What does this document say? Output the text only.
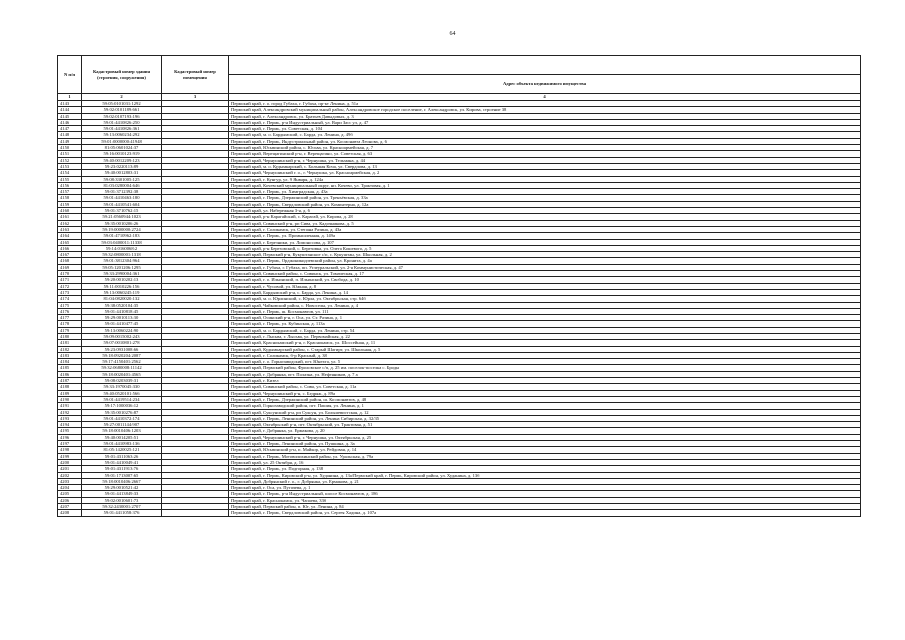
64
N п/п	Кадастровый номер здания (строения, сооружения)	Кадастровый номер помещения	
			Адрес объекта недвижимого имущества
1	2	3	4
4143	59:05:0101031:1292		Пермский край, г. о. город Губаха, г. Губаха, пр-кт Ленина, д. 51а
4144	59:02:0101189:661		Пермский край, Александровский муниципальный район, Александровское городское поселение, г. Александровск, ул. Кирова, строение 38
4145	59:02:0107193:196		Пермский край, г. Александровск, ул. Братьев Давыдовых, д. 3
4146	59:01:4410826:250		Пермский край, г. Пермь, р-н Индустриальный, ул. Вари Засс ул, д. 47
4147	59:01:4410826:361		Пермский край, г. Пермь, ул. Советская, д. 104
4148	59:13:0060234:292		Пермский край, м. о. Бардымский, с. Барда, ул. Ленина, д. 49б
4149	59:01:0000000:41948		Пермский край, г. Пермь, Индустриальный район, ул. Космонавта Леонова, д. 6
4150	81:05:0601024:37		Пермский край, Юсьвинский район, с. Юсьва, ул. Красноармейская, д. 7
4151	59:16:0010123:919		Пермский край, Верещагинский р-н, г. Верещагино, ул. Советская, д. 63
4152	59:40:0012209:123		Пермский край, Чернушинский р-н, г. Чернушка, ул. Тельмана, д. 44
4153	59:23:0220113:89		Пермский край, м. о. Кудымкарский, с. Большая Коча, ул. Свердлова, д. 13
4154	59:40:0012803:31		Пермский край, Чернушинский г. о., г. Чернушка, ул. Красноармейская, д. 2
4155	59:08:3301005:125		Пермский край, г. Кунгур, ул. 9 Января, д. 124а
4156	81:03:0280004:646		Пермский край, Кочевский муниципальный округ, нп. Кочево, ул. Трактовая, д. 1
4157	59:01:3712392:38		Пермский край, г. Пермь, ул. Химградская, д. 43а
4158	59:01:4410463:180		Пермский край, г. Пермь, Дзержинский район, ул. Треньёвская, д. 33а
4159	59:01:4410541:604		Пермский край, г. Пермь, Свердловский район, ул. Коминтерна, д. 12а
4160	59:01:3710762:15		Пермский край, ул. Набережная 3-я, д. 6
4161	59:21:0560944:1023		Пермский край, р-н Карагайский, с. Карагай, ул. Кирова, д. 28
4162	59:35:0010206:26		Пермский край, Сивинский р-н, рп Сива, ул. Кадочникова, д. 5
4163	59:19:0000000:2724		Пермский край, г. Соликамск, ул. Степана Разина, д. 43а
4164	59:01:4710962:183		Пермский край, г. Пермь, ул. Промышленная, д. 149а
4165	59:03:0400011:11338		Пермский край, г. Березники, ул. Ломоносова, д. 107
4166	59:14:0160068:2		Пермский край, р-н Березовский, с. Березовка, ул. Олега Кошевого, д. 5
4167	59:32:0800001:1318		Пермский край, Пермский р-н, Кукуштанское с/п, с. Кукуштан, ул. Школьная, д. 2
4168	59:01:3812304:964		Пермский край, г. Пермь, Орджоникидзевский район, ул. Кронита, д. 4а
4169	59:05:1201206:1295		Пермский край, г. Губаха, г. Губаха, пп. Углеуральский, ул. 2-я Коммунистическая, д. 47
4170	59:33:2990004:361		Пермский край, Сивинский район, с. Сивинск, ул. Томаческая, д. 17
4171	59:20:0010202:13		Пермский край, г. о. Ильинский, п. Ильинский, ул. Свобода, д. 10
4172	59:11:0010226:156		Пермский край, г. Чусовой, ул. Южная, д. 8
4173	59:13:0060245:119		Пермский край, Бардымский р-н, с. Барда, ул. Ленина, д. 14
4174	81:04:0820020:132		Пермский край, м. о. Юрлинский, с. Юрла, ул. Октябрьская, стр. 64б
4175	59:38:0520104:35		Пермский край, Чайковский район, с. Новоселы, ул. Ленина, д. 4
4176	59:01:4410818:45		Пермский край, г. Пермь, ш. Космонавтов, ул. 111
4177	59:29:0010113:30		Пермский край, Осинский р-н, г. Оса, ул. Ст. Разина, д. 1
4178	59:01:4410477:45		Пермский край, г. Пермь, ул. Кубинская, д. 113а
4179	59:13:0060224:90		Пермский край, м. о. Бардымский, с. Барда, ул. Ленина, стр. 54
4180	59:09:0015002:243		Пермский край, г. Лысьва, г. Лысьва, ул. Первомайская, д. 22
4181	59:07:0010801:278		Пермский край, Краснокамский р-н, г. Краснокамск, ул. Шоссейная, д. 11
4182	59:23:0931008:66		Пермский край, Кудымкарский район, с. Старый Шагирт, ул. Школьная, д. 5
4183	59:18:0920204:2087		Пермский край, г. Соликамск, б-р Красный, д. 38
4184	59:17:4150401:2562		Пермский край, г. о. Горнозаводский, пгт. Юнехта, ул. 5
4185	59:32:0680008:11142		Пермский край, Пермский район, Фроловское с/п, д. 25 им. поселок-поселка с. Броды
4186	59:18:0020401:4565		Пермский край, г. Добрянка, пгт. Полазна, ул. Нефтяников, д. 7 а
4187	59:08:0203039:31		Пермский край, г. Кизел
4188	59:33:1970045:330		Пермский край, Сивинский район, с. Сива, ул. Советская, д. 11а
4189	59:40:0520101:566		Пермский край, Чернушинский р-н, с. Бедряж, д. 89а
4190	59:01:4419514:234		Пермский край, г. Пермь, Дзержинский район, ш. Космонавтов, д. 48
4191	59:17:1000036:12		Пермский край, Горнозаводский район, пгт. Пашия, ул. Ленина, д. 1
4192	59:35:0010276:87		Пермский край, Суксунский р-н, рп Суксун, ул. Большевистская, д. 12
4193	59:01:4410372:174		Пермский край, г. Пермь, Ленинский район, ул. Ленина Сибирская, д. 32/35
4194	59:27:0011144:907		Пермский край, Октябрьский р-н, пгт. Октябрьский, ул. Трактовая, д. 51
4195	59:18:0010406:1203		Пермский край, г. Добрянка, ул. Ермакова, д. 20
4196	59:40:0014205:51		Пермский край, Чернушинский р-н, г. Чернушка, ул. Октябрьская, д. 25
4197	59:01:4410983:136		Пермский край, г. Пермь, Ленинский район, ул. Пушкина, д. 3а
4198	81:05:1420025:121		Пермский край, Юсьвинский р-н, п. Майкор, ул. Рейдовая, д. 14
4199	59:01:4311063:26		Пермский край, г. Пермь, Мотовилихинский район, ул. Уральская, д. 79а
4200	59:01:4410049:41		Пермский край, ул. 25 Октября, д. 16
4201	59:01:4311913:76		Пермский край, г. Пермь, ул. Подгорная, д. 138
4202	59:01:1713007:65		Пермский край, г. Пермь, Кировский р-н, ул. Худанина, д. 13а/Пермский край, г. Пермь, Кировский район, ул. Худанина, д. 13б
4203	59:18:0010406:2667		Пермский край, Добрянский г. о., г. Добрянка, ул. Ермакова, д. 21
4204	59:29:0010521:42		Пермский край, г. Оса, ул. Пугачева, д. 1
4205	59:01:4413849:33		Пермский край, г. Пермь, р-н Индустриальный, шоссе Космонавтов, д. 186
4206	59:02:0010601:73		Пермский край, г. Краснокамск, ул. Чапаева, 33б
4207	59:32:2430001:2707		Пермский край, Пермский район, п. Юг, ул. Ленина, д. 84
4208	59:01:4411058:376		Пермский край, г. Пермь, Свердловский район, ул. Сергея Хадина, д. 107а
